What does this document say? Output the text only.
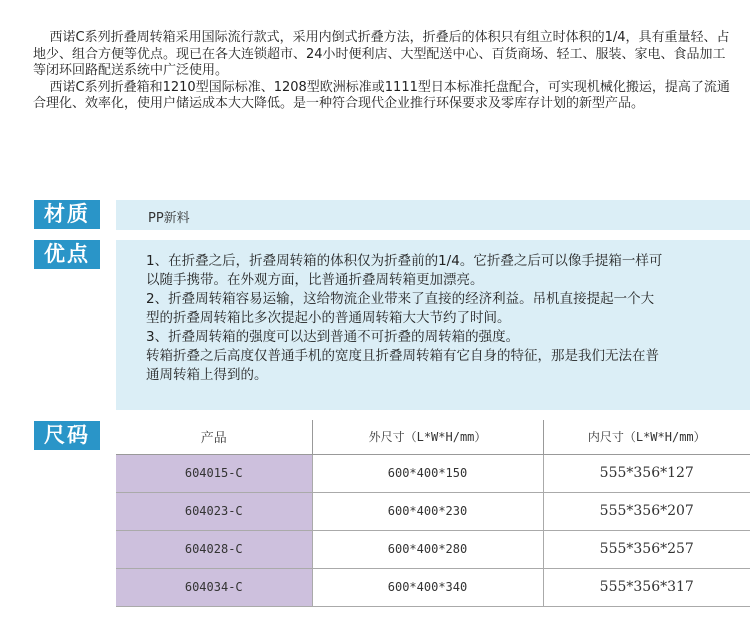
西诺C系列折叠周转箱采用国际流行款式，采用内倒式折叠方法，折叠后的体积只有组立时体积的1/4，具有重量轻、占地少、组合方便等优点。现已在各大连锁超市、24小时便利店、大型配送中心、百货商场、轻工、服装、家电、食品加工等闭环回路配送系统中广泛使用。

西诺C系列折叠箱和1210型国际标准、1208型欧洲标准或1111型日本标准托盘配合，可实现机械化搬运，提高了流通合理化、效率化，使用户储运成本大大降低。是一种符合现代企业推行环保要求及零库存计划的新型产品。

材质	PP新料
优点	1、在折叠之后，折叠周转箱的体积仅为折叠前的1/4。它折叠之后可以像手提箱一样可以随手携带。在外观方面，比普通折叠周转箱更加漂亮。

2、折叠周转箱容易运输，这给物流企业带来了直接的经济利益。吊机直接提起一个大型的折叠周转箱比多次提起小的普通周转箱大大节约了时间。

3、折叠周转箱的强度可以达到普通不可折叠的周转箱的强度。

转箱折叠之后高度仅普通手机的宽度且折叠周转箱有它自身的特征，那是我们无法在普通周转箱上得到的。

尺码	产品	外尺寸（L*W*H/mm）	内尺寸（L*W*H/mm）
604015-C	600*400*150	555*356*127
604023-C	600*400*230	555*356*207
604028-C	600*400*280	555*356*257
604034-C	600*400*340	555*356*317
